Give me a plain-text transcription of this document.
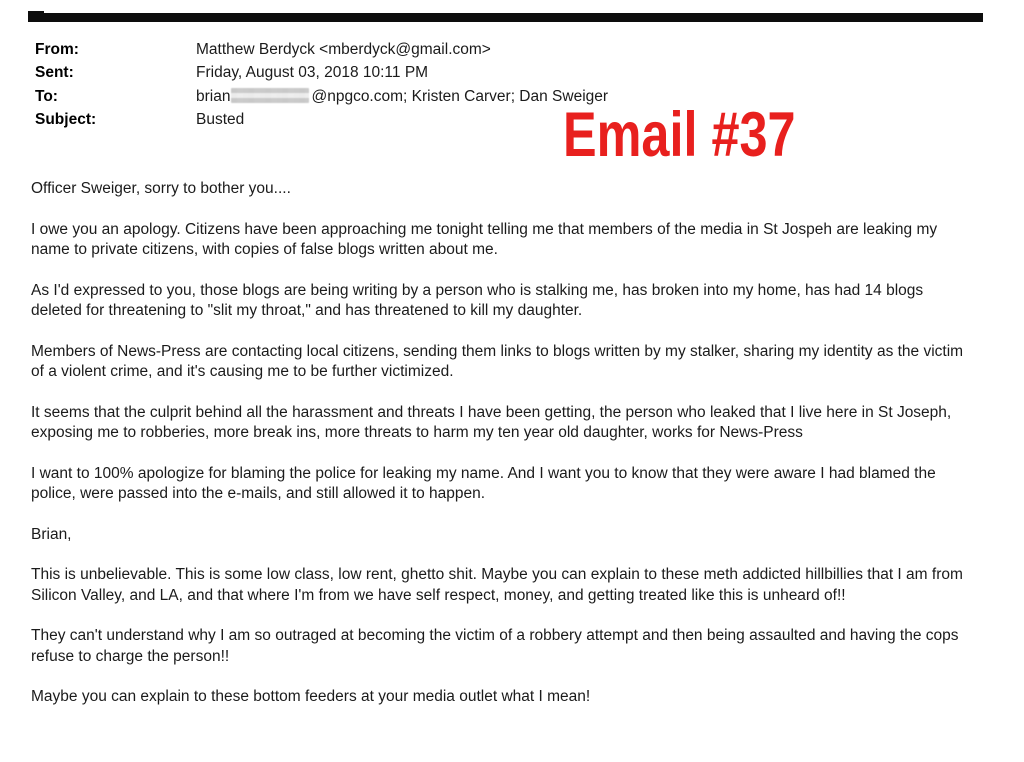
From:	Matthew Berdyck <mberdyck@gmail.com>
Sent:	Friday, August 03, 2018 10:11 PM
To:	brian	@npgco.com; Kristen Carver; Dan Sweiger
Subject:	Busted	Email #37

Officer Sweiger, sorry to bother you....

I owe you an apology. Citizens have been approaching me tonight telling me that members of the media in St Jospeh are leaking my name to private citizens, with copies of false blogs written about me.

As I'd expressed to you, those blogs are being writing by a person who is stalking me, has broken into my home, has had 14 blogs deleted for threatening to "slit my throat," and has threatened to kill my daughter.

Members of News-Press are contacting local citizens, sending them links to blogs written by my stalker, sharing my identity as the victim of a violent crime, and it's causing me to be further victimized.

It seems that the culprit behind all the harassment and threats I have been getting, the person who leaked that I live here in St Joseph, exposing me to robberies, more break ins, more threats to harm my ten year old daughter, works for News-Press

I want to 100% apologize for blaming the police for leaking my name. And I want you to know that they were aware I had blamed the police, were passed into the e-mails, and still allowed it to happen.

Brian,

This is unbelievable. This is some low class, low rent, ghetto shit. Maybe you can explain to these meth addicted hillbillies that I am from Silicon Valley, and LA, and that where I'm from we have self respect, money, and getting treated like this is unheard of!!

They can't understand why I am so outraged at becoming the victim of a robbery attempt and then being assaulted and having the cops refuse to charge the person!!

Maybe you can explain to these bottom feeders at your media outlet what I mean!
